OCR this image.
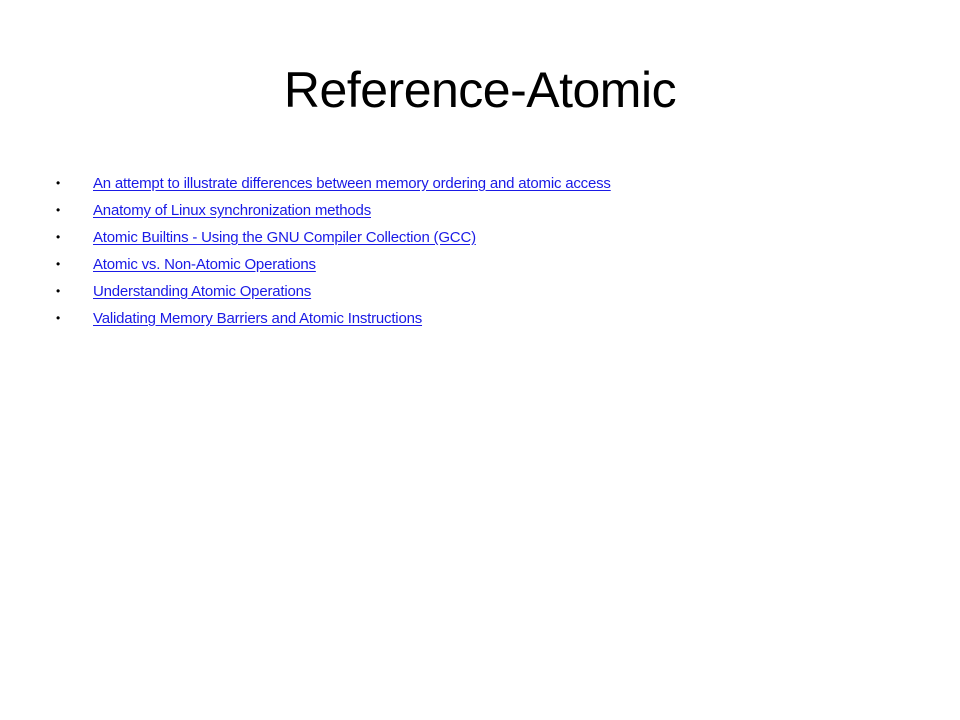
Reference-Atomic
• An attempt to illustrate differences between memory ordering and atomic access
• Anatomy of Linux synchronization methods
• Atomic Builtins - Using the GNU Compiler Collection (GCC)
• Atomic vs. Non-Atomic Operations
• Understanding Atomic Operations
• Validating Memory Barriers and Atomic Instructions
